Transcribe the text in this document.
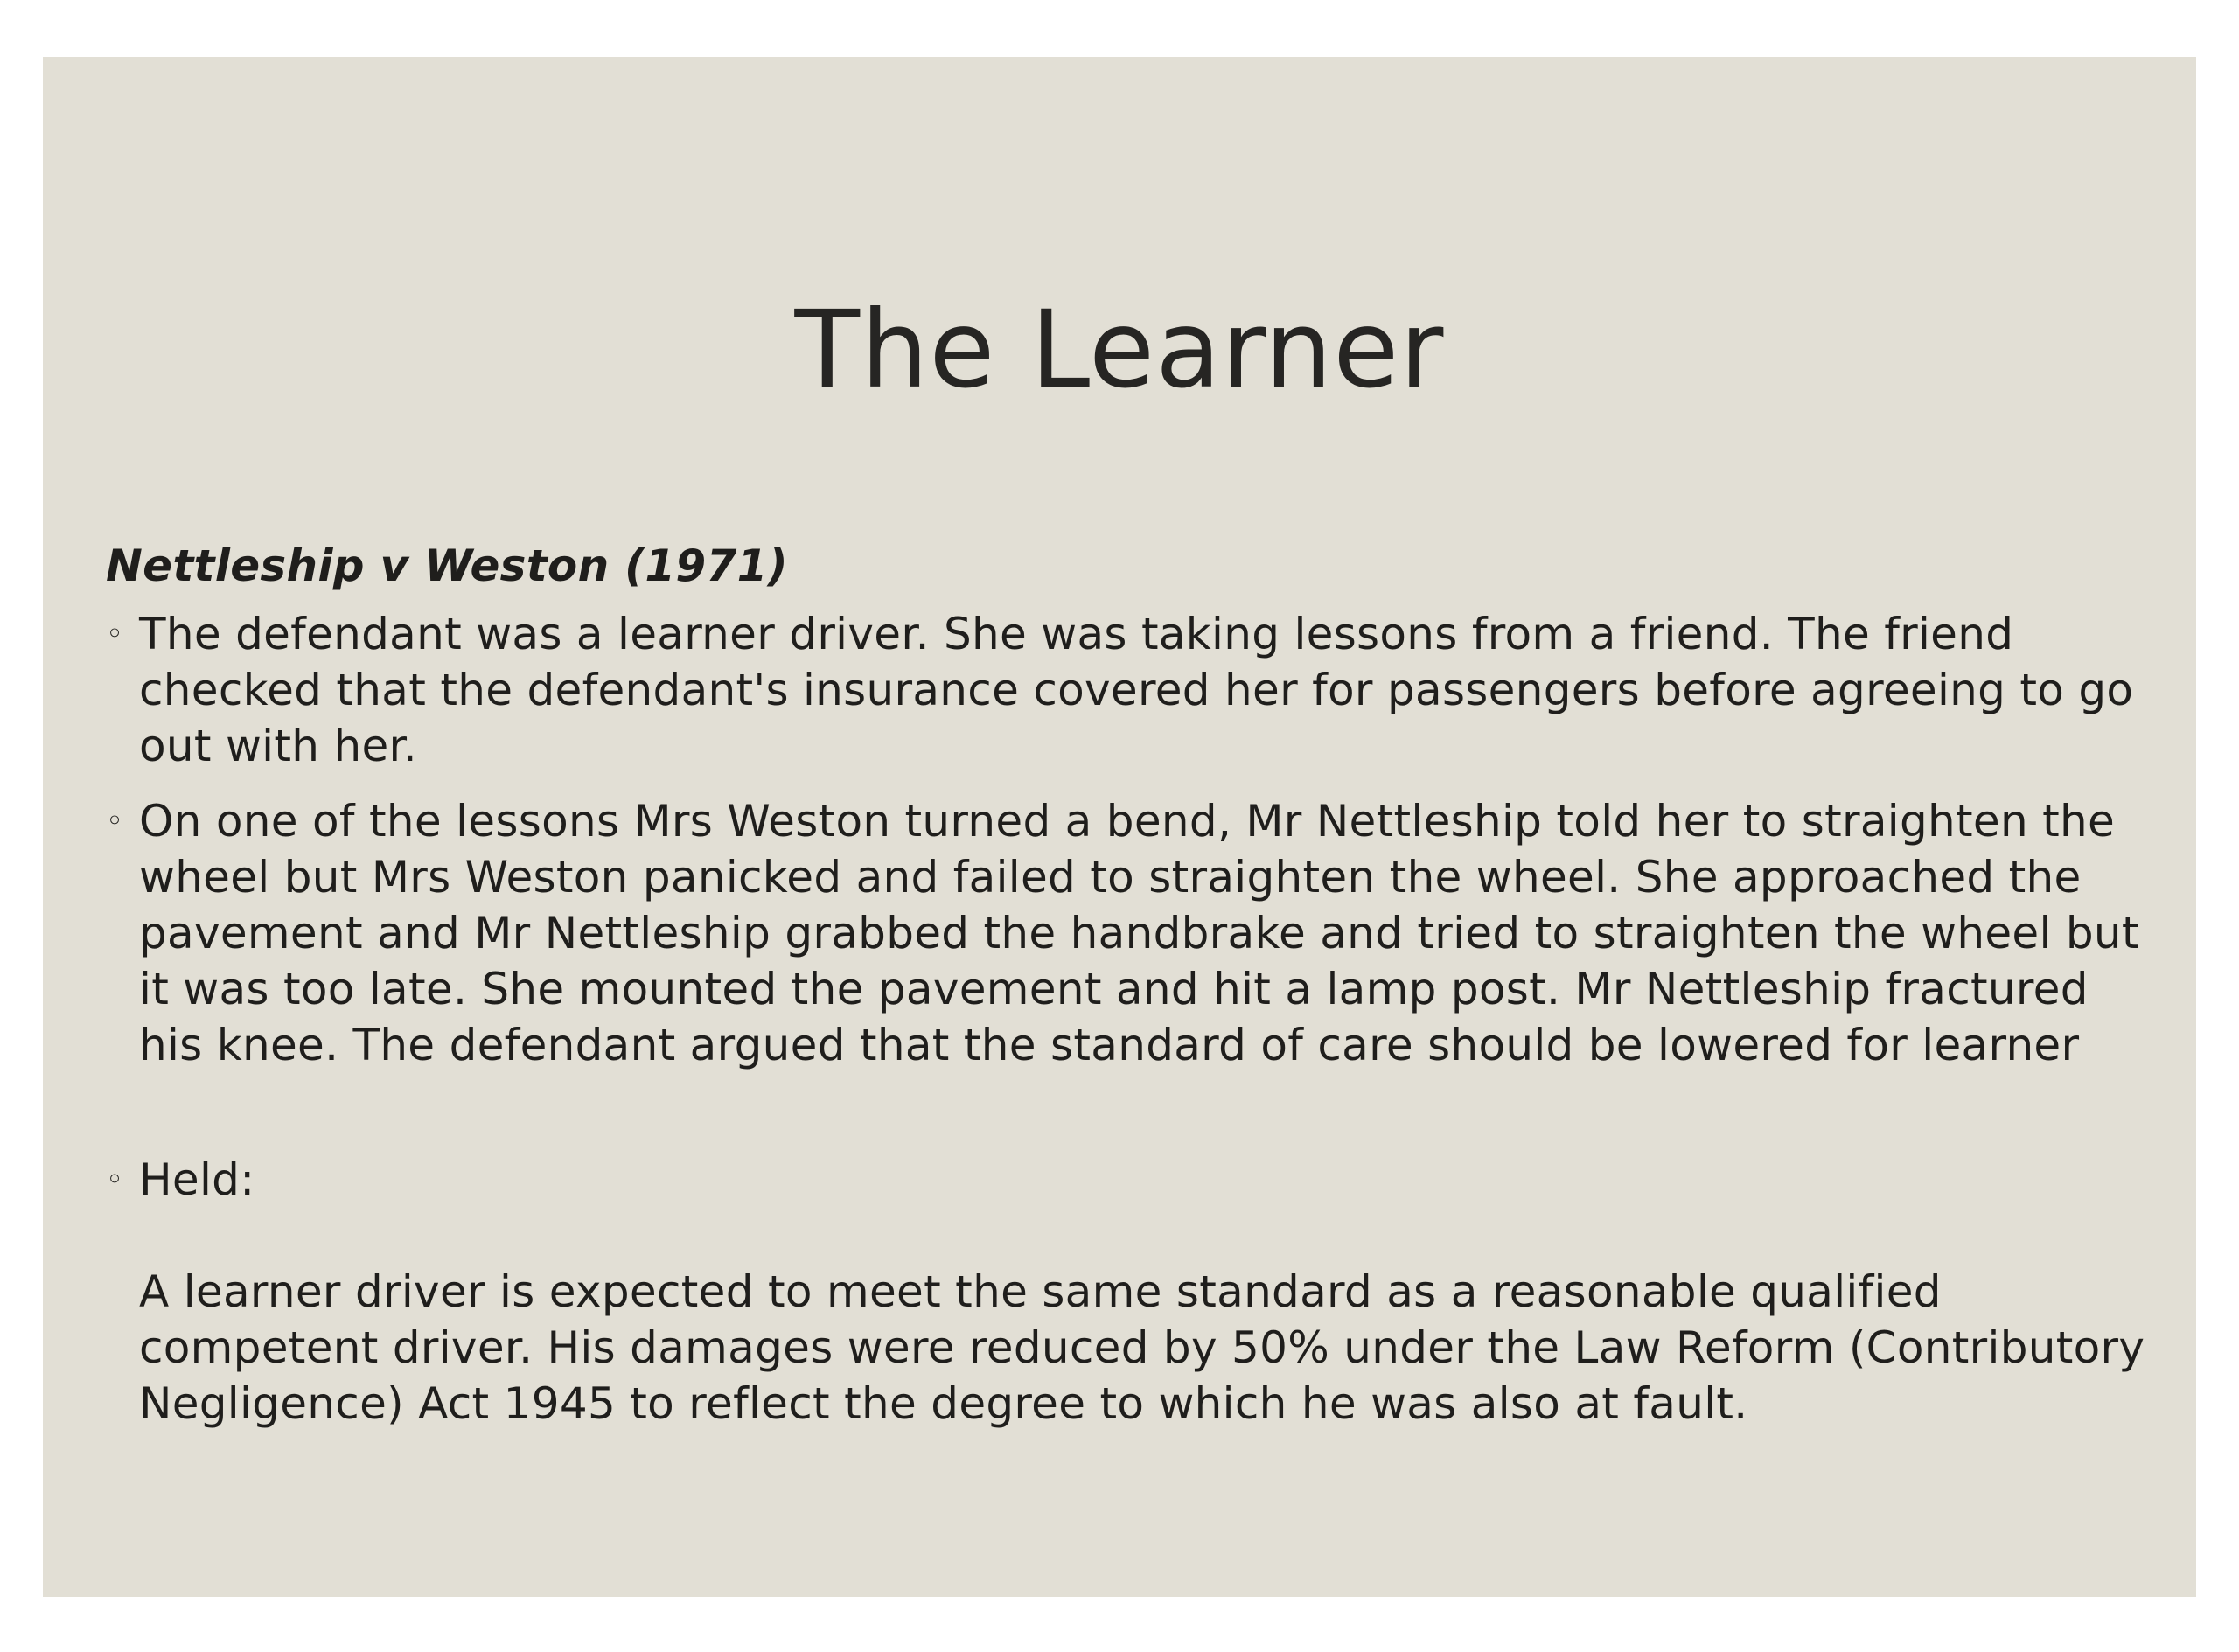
The Learner
Nettleship v Weston (1971)
◦ The defendant was a learner driver. She was taking lessons from a friend. The friend checked that the defendant's insurance covered her for passengers before agreeing to go out with her.
◦ On one of the lessons Mrs Weston turned a bend, Mr Nettleship told her to straighten the wheel but Mrs Weston panicked and failed to straighten the wheel. She approached the pavement and Mr Nettleship grabbed the handbrake and tried to straighten the wheel but it was too late. She mounted the pavement and hit a lamp post. Mr Nettleship fractured his knee. The defendant argued that the standard of care should be lowered for learner
◦ Held:
A learner driver is expected to meet the same standard as a reasonable qualified competent driver. His damages were reduced by 50% under the Law Reform (Contributory Negligence) Act 1945 to reflect the degree to which he was also at fault.
